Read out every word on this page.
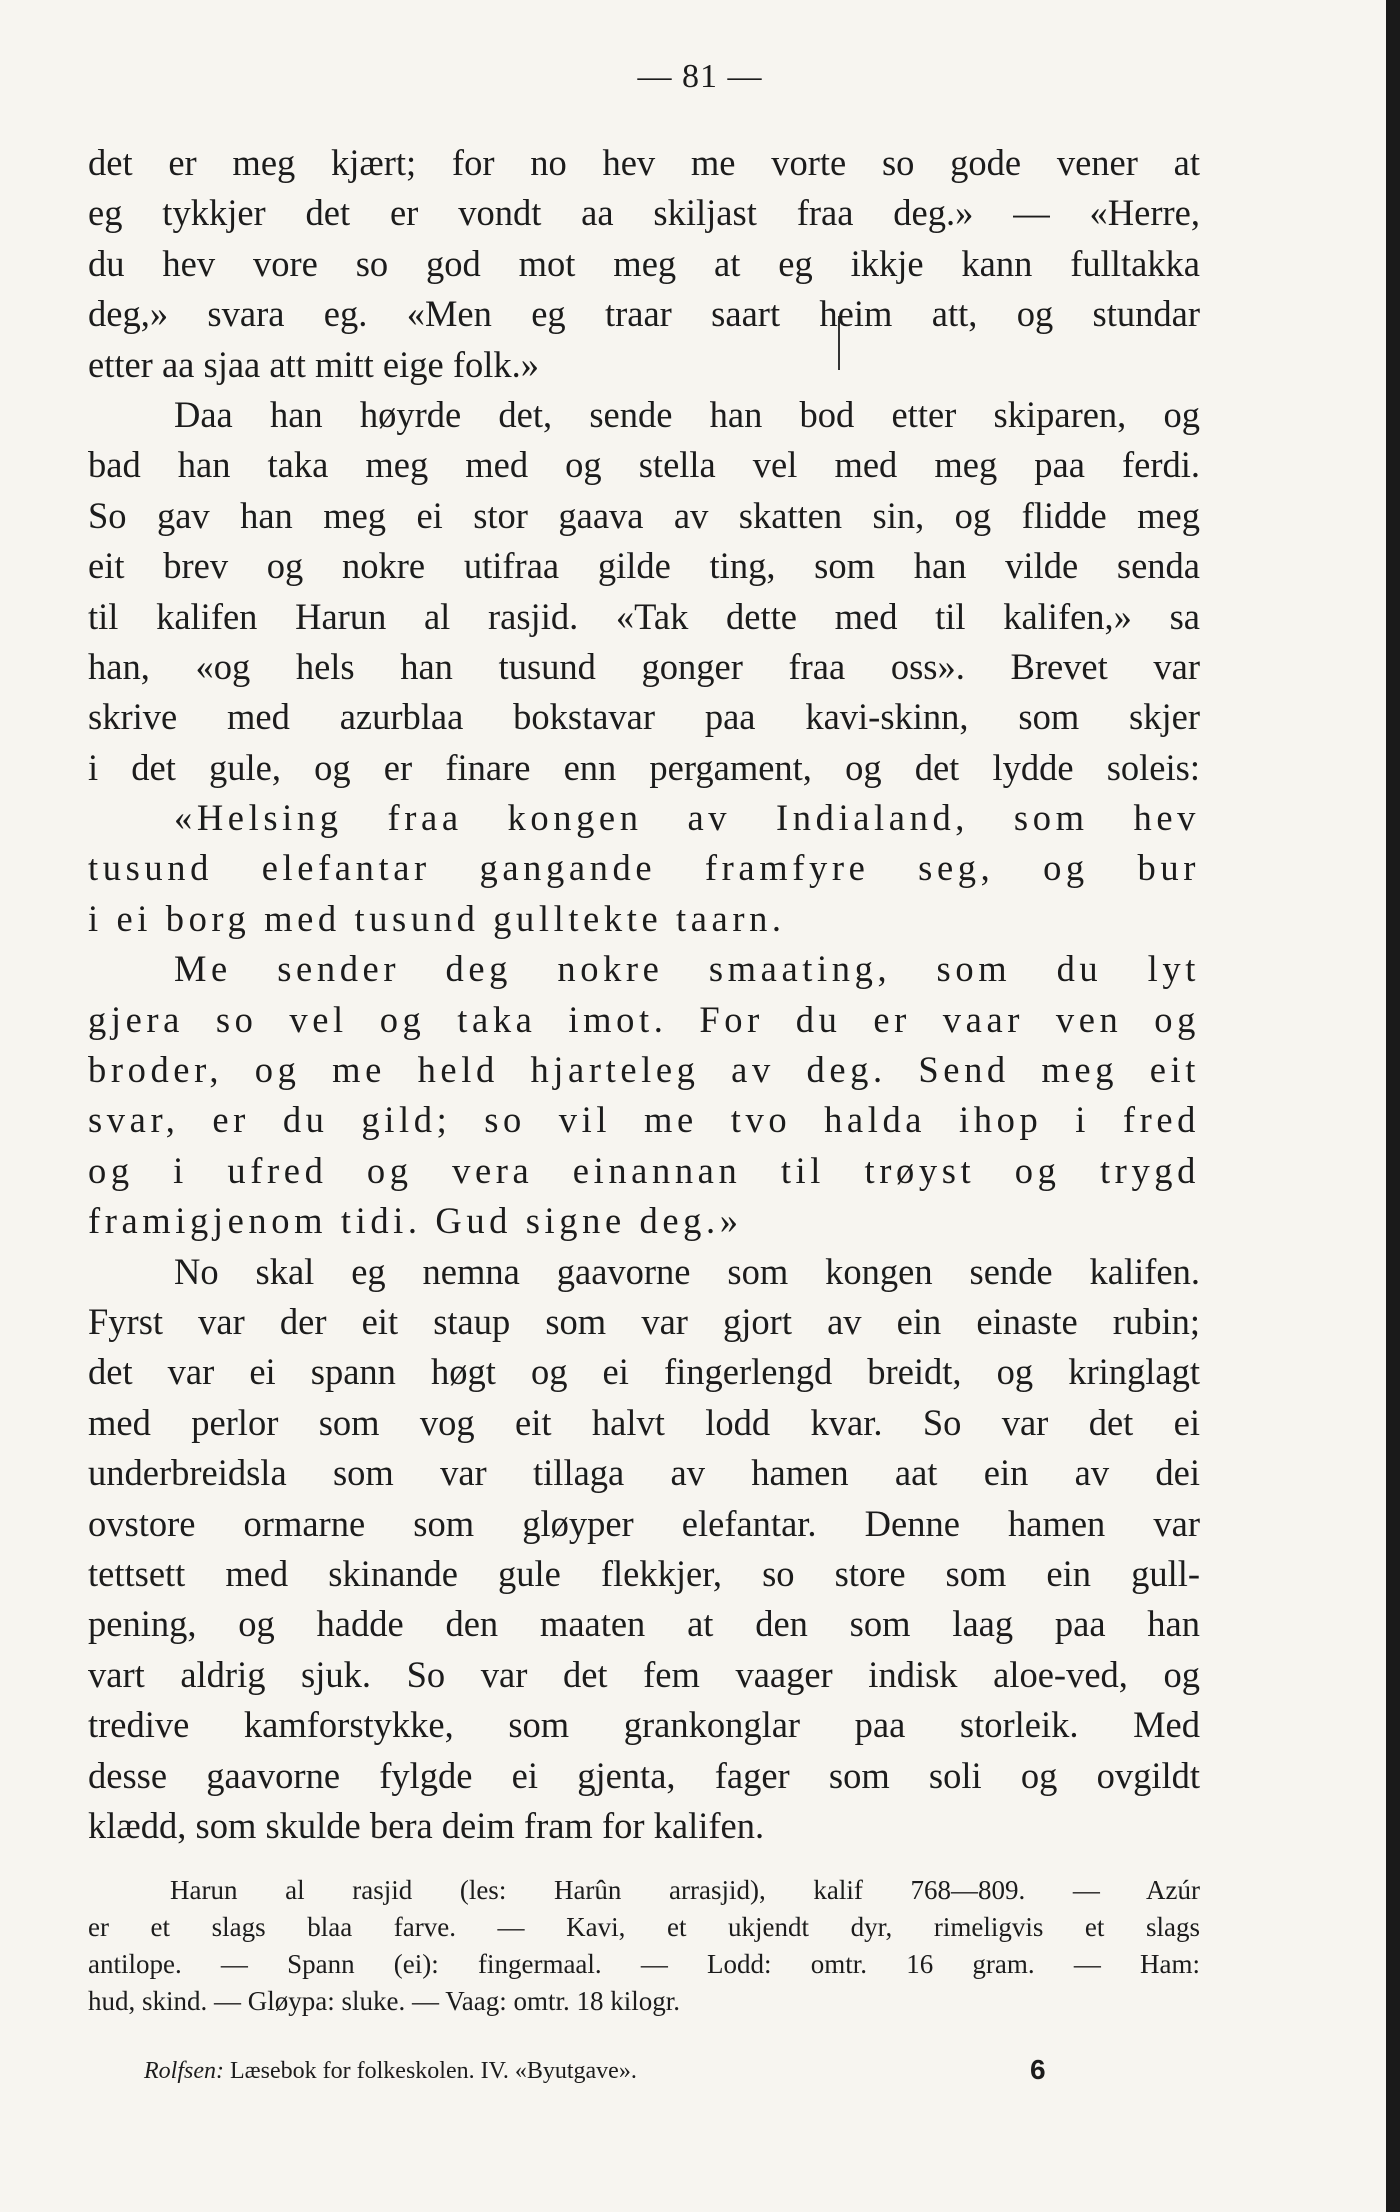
— 81 —
det er meg kjært; for no hev me vorte so gode vener at
eg tykkjer det er vondt aa skiljast fraa deg.» — «Herre,
du hev vore so god mot meg at eg ikkje kann fulltakka
deg,» svara eg. «Men eg traar saart heim att, og stundar
etter aa sjaa att mitt eige folk.»
Daa han høyrde det, sende han bod etter skiparen, og
bad han taka meg med og stella vel med meg paa ferdi.
So gav han meg ei stor gaava av skatten sin, og flidde meg
eit brev og nokre utifraa gilde ting, som han vilde senda
til kalifen Harun al rasjid. «Tak dette med til kalifen,» sa
han, «og hels han tusund gonger fraa oss». Brevet var
skrive med azurblaa bokstavar paa kavi-skinn, som skjer
i det gule, og er finare enn pergament, og det lydde soleis:
«Helsing fraa kongen av Indialand, som hev
tusund elefantar gangande framfyre seg, og bur
i ei borg med tusund gulltekte taarn.
Me sender deg nokre smaating, som du lyt
gjera so vel og taka imot. For du er vaar ven og
broder, og me held hjarteleg av deg. Send meg eit
svar, er du gild; so vil me tvo halda ihop i fred
og i ufred og vera einannan til trøyst og trygd
framigjenom tidi. Gud signe deg.»
No skal eg nemna gaavorne som kongen sende kalifen.
Fyrst var der eit staup som var gjort av ein einaste rubin;
det var ei spann høgt og ei fingerlengd breidt, og kringlagt
med perlor som vog eit halvt lodd kvar. So var det ei
underbreidsla som var tillaga av hamen aat ein av dei
ovstore ormarne som gløyper elefantar. Denne hamen var
tettsett med skinande gule flekkjer, so store som ein gull-
pening, og hadde den maaten at den som laag paa han
vart aldrig sjuk. So var det fem vaager indisk aloe-ved, og
tredive kamforstykke, som grankonglar paa storleik. Med
desse gaavorne fylgde ei gjenta, fager som soli og ovgildt
klædd, som skulde bera deim fram for kalifen.
Harun al rasjid (les: Harûn arrasjid), kalif 768—809. — Azúr
er et slags blaa farve. — Kavi, et ukjendt dyr, rimeligvis et slags
antilope. — Spann (ei): fingermaal. — Lodd: omtr. 16 gram. — Ham:
hud, skind. — Gløypa: sluke. — Vaag: omtr. 18 kilogr.
Rolfsen: Læsebok for folkeskolen. IV. «Byutgave».	6
